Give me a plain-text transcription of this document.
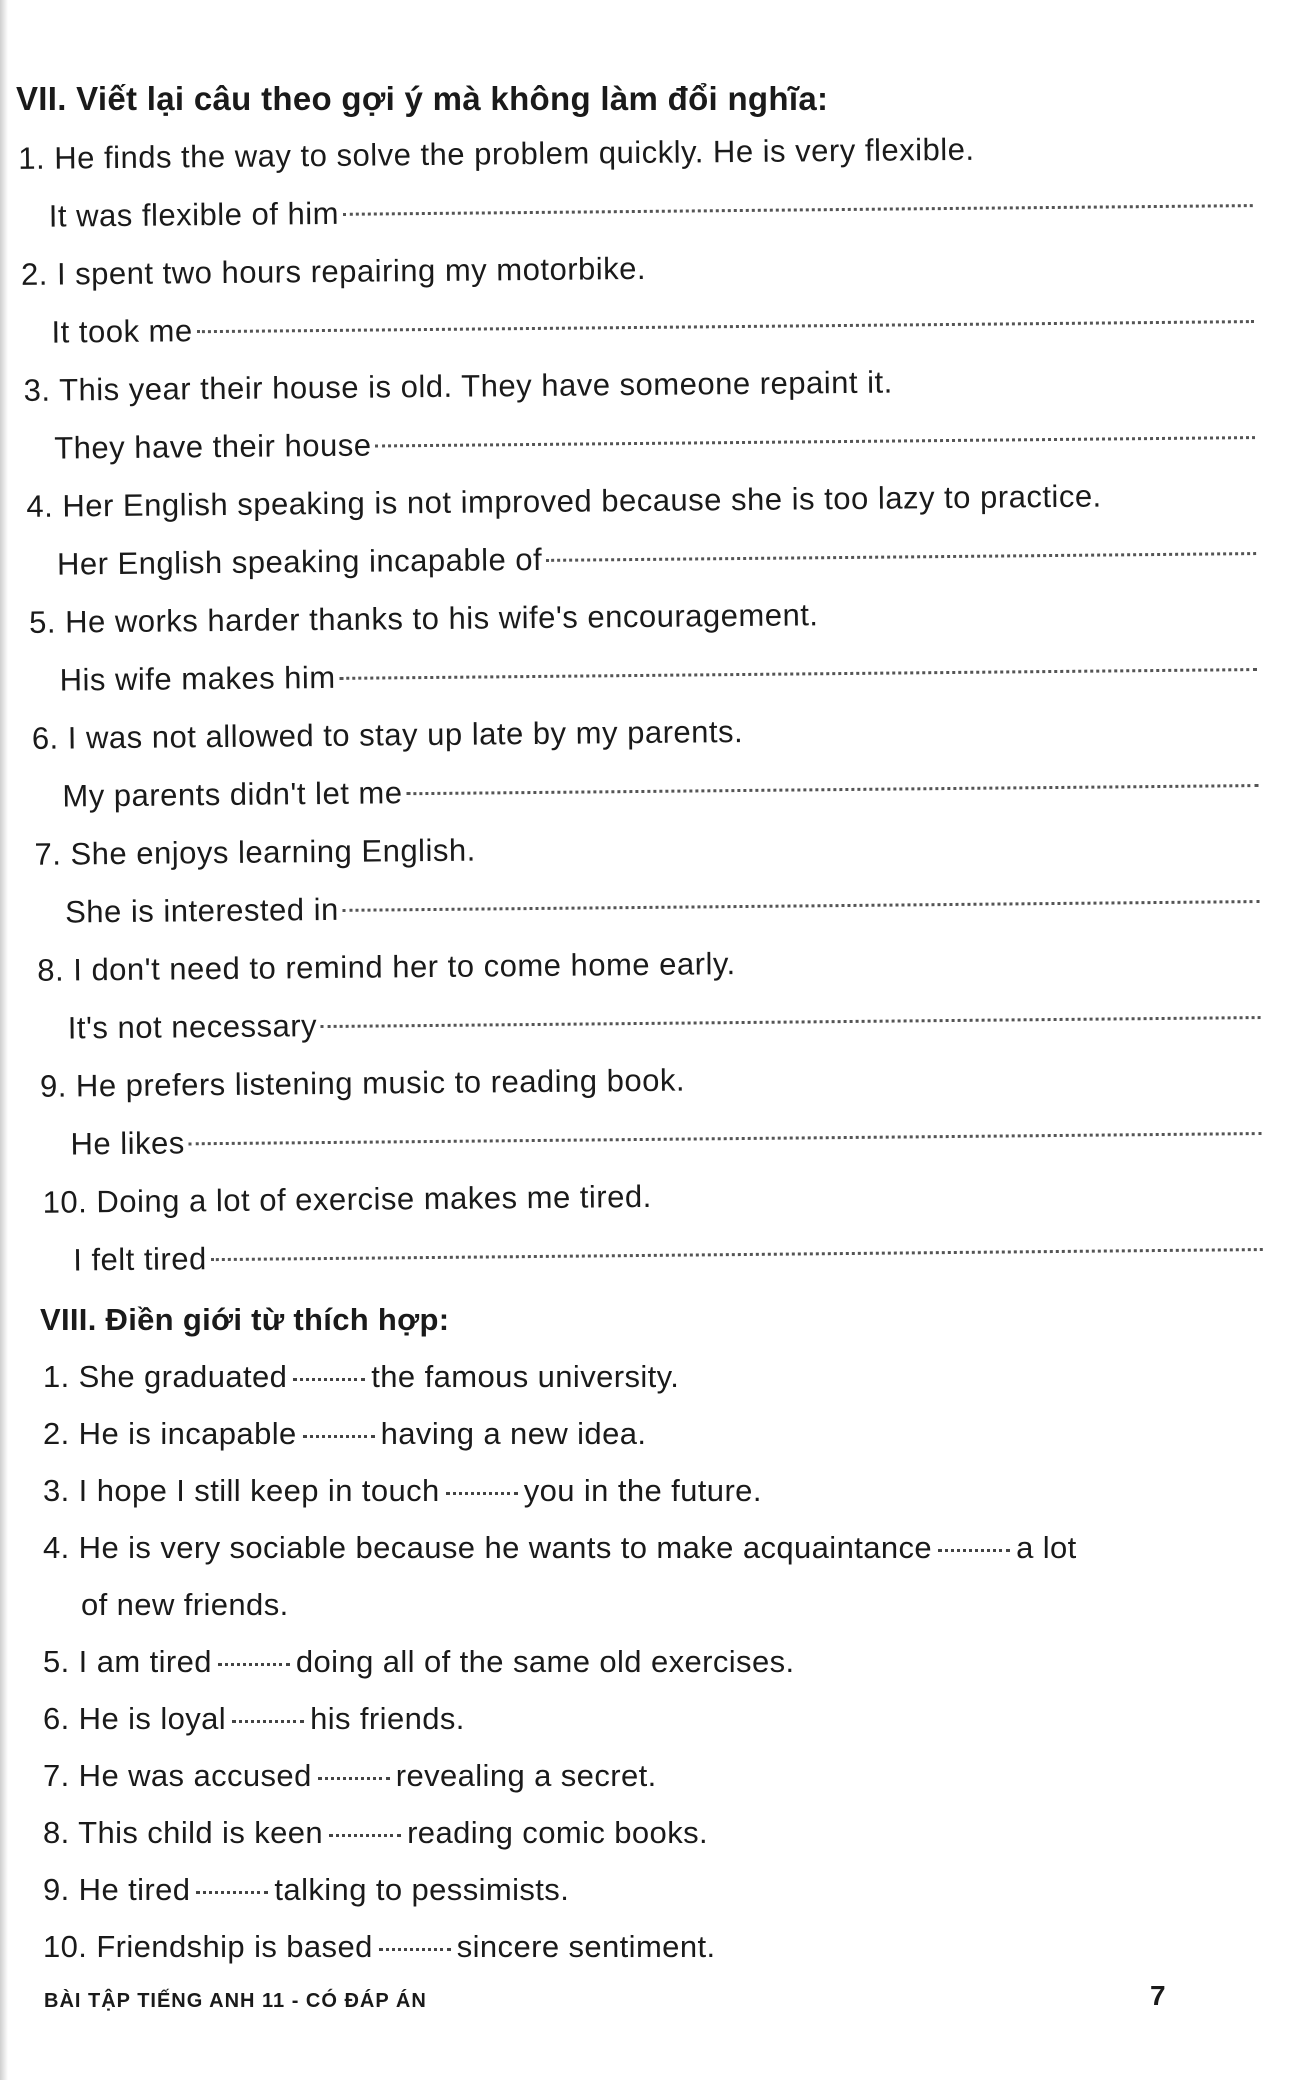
VII. Viết lại câu theo gợi ý mà không làm đổi nghĩa:
1. He finds the way to solve the problem quickly. He is very flexible.
It was flexible of him
2. I spent two hours repairing my motorbike.
It took me
3. This year their house is old. They have someone repaint it.
They have their house
4. Her English speaking is not improved because she is too lazy to practice.
Her English speaking incapable of
5. He works harder thanks to his wife's encouragement.
His wife makes him
6. I was not allowed to stay up late by my parents.
My parents didn't let me
7. She enjoys learning English.
She is interested in
8. I don't need to remind her to come home early.
It's not necessary
9. He prefers listening music to reading book.
He likes
10. Doing a lot of exercise makes me tired.
I felt tired
VIII. Điền giới từ thích hợp:
1. She graduated	the famous university.
2. He is incapable	having a new idea.
3. I hope I still keep in touch	you in the future.
4. He is very sociable because he wants to make acquaintance	a lot
of new friends.
5. I am tired	doing all of the same old exercises.
6. He is loyal	his friends.
7. He was accused	revealing a secret.
8. This child is keen	reading comic books.
9. He tired	talking to pessimists.
10. Friendship is based	sincere sentiment.
BÀI TẬP TIẾNG ANH 11 - CÓ ĐÁP ÁN	7
